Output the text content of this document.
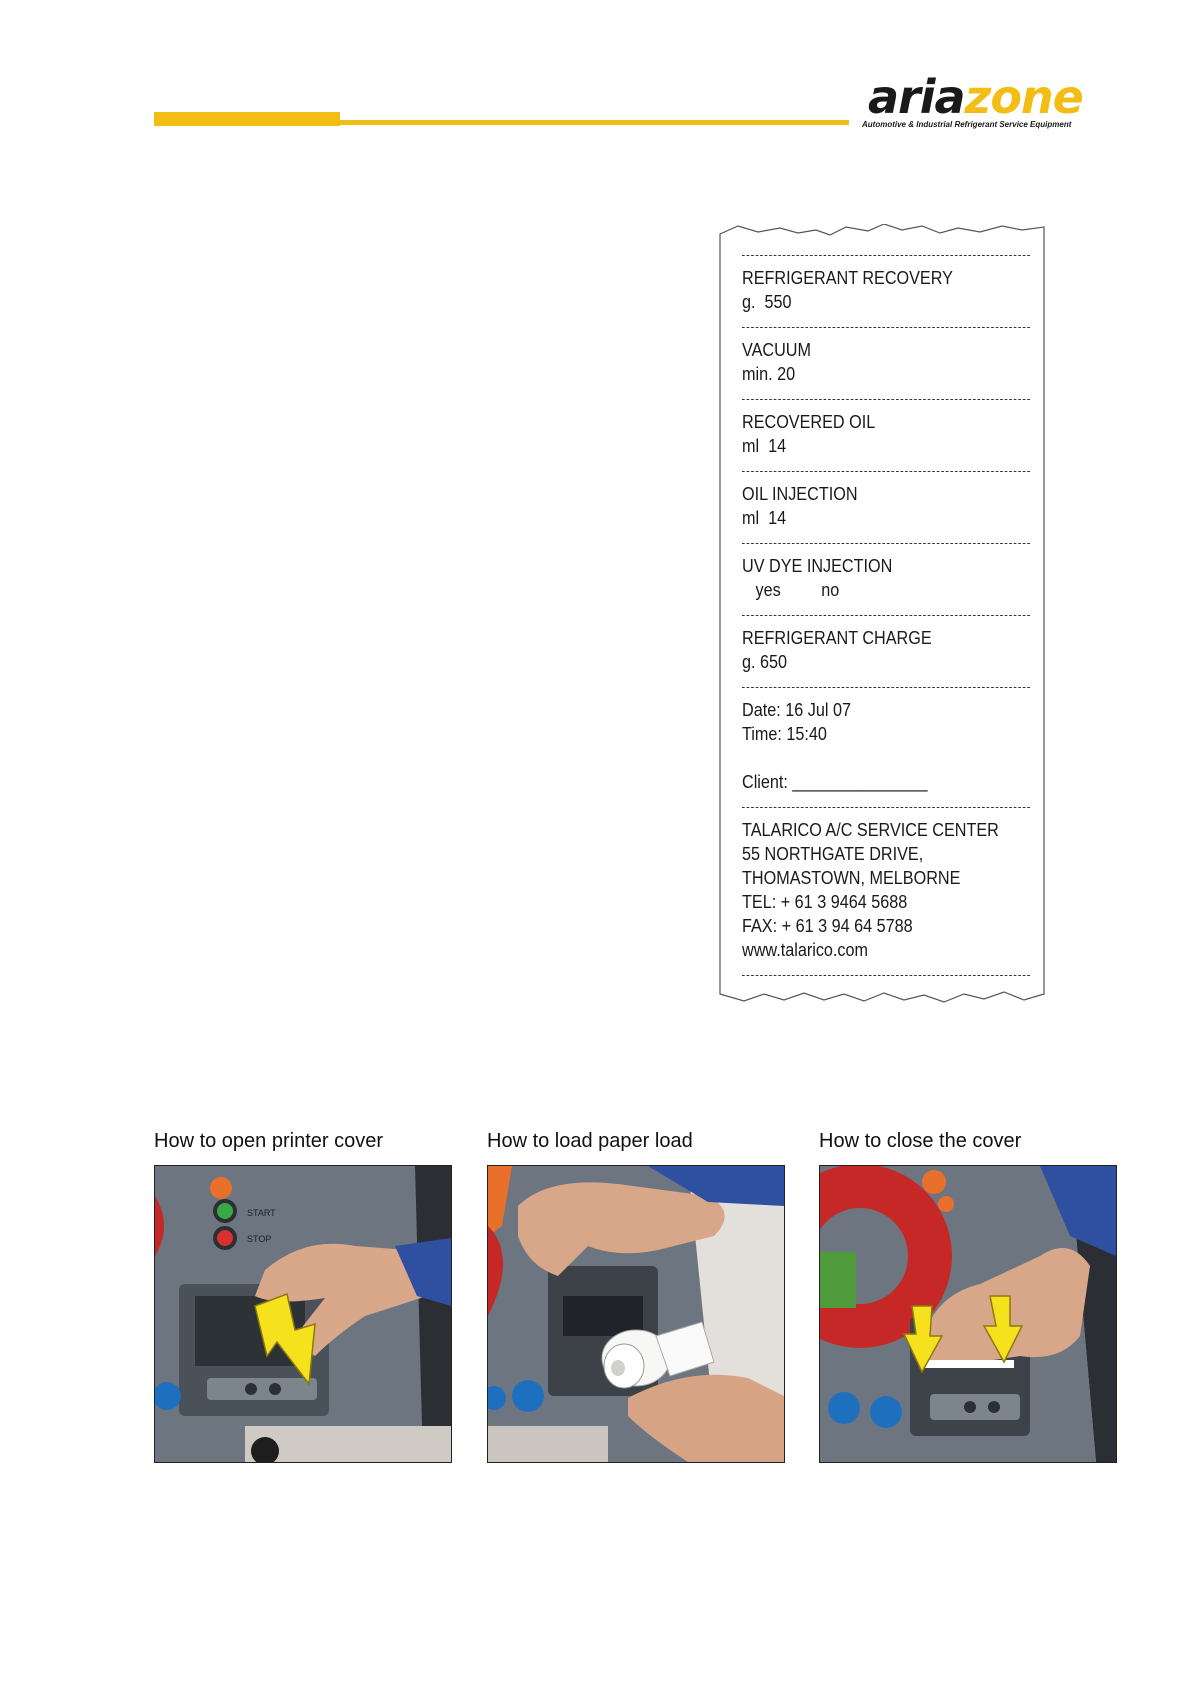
ariazone
Automotive & Industrial Refrigerant Service Equipment
REFRIGERANT RECOVERY
g.  550
VACUUM
min. 20
RECOVERED OIL
ml  14
OIL INJECTION
ml  14
UV DYE INJECTION
yes         no
REFRIGERANT CHARGE
g. 650
Date: 16 Jul 07
Time: 15:40
Client: _______________
TALARICO A/C SERVICE CENTER
55 NORTHGATE DRIVE,
THOMASTOWN, MELBORNE
TEL: + 61 3 9464 5688
FAX: + 61 3 94 64 5788
www.talarico.com
How to open printer cover	How to load paper load	How to close the cover
START
STOP
